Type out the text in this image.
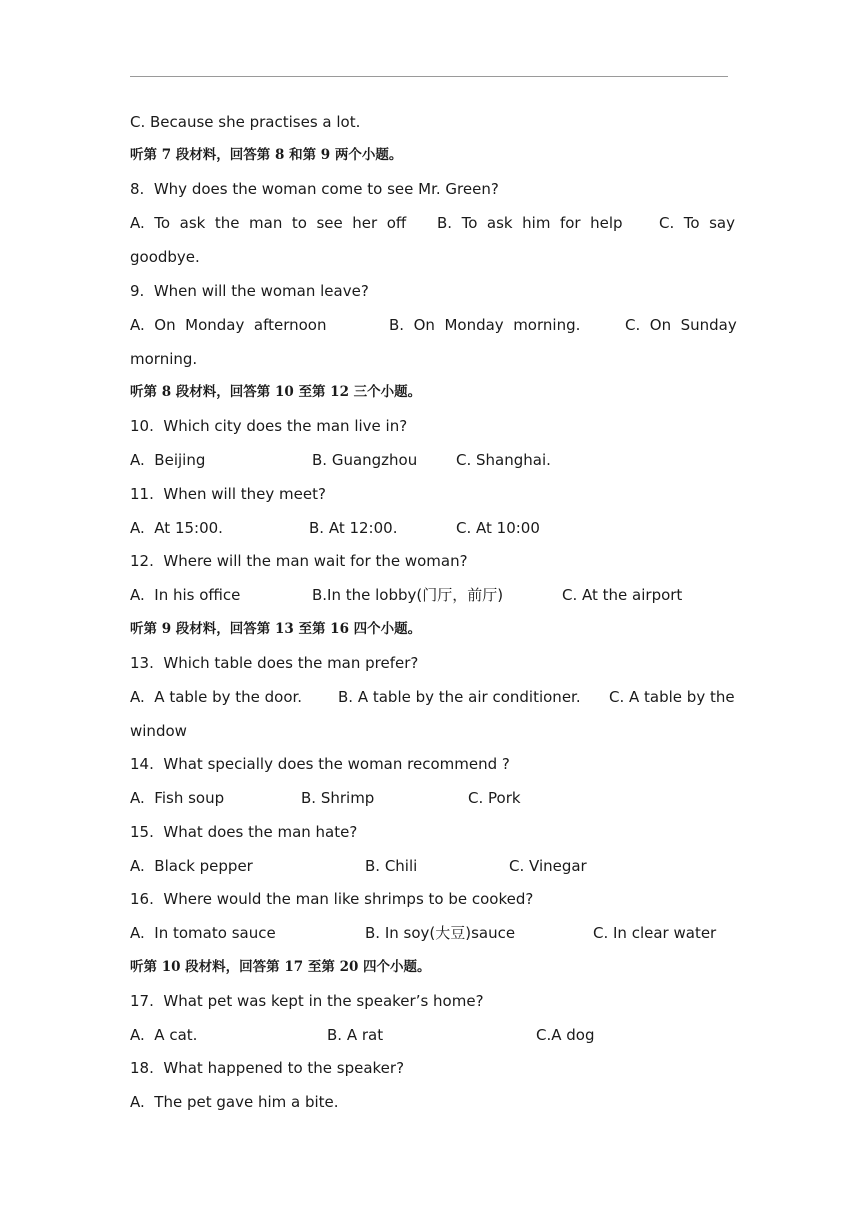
C. Because she practises a lot.
听第 7 段材料，回答第 8 和第 9 两个小题。
8.  Why does the woman come to see Mr. Green?
A.  To  ask  the  man  to  see  her  off B.  To  ask  him  for  help C.  To  say
goodbye.
9.  When will the woman leave?
A.  On  Monday  afternoon	B.  On  Monday  morning.	C.  On  Sunday
morning.
听第 8 段材料，回答第 10 至第 12 三个小题。
10.  Which city does the man live in?
A.  Beijing	B. Guangzhou	C. Shanghai.
11.  When will they meet?
A.  At 15:00.	B. At 12:00.	C. At 10:00
12.  Where will the man wait for the woman?
A.  In his office	B.In the lobby(门厅，前厅)	C. At the airport
听第 9 段材料，回答第 13 至第 16 四个小题。
13.  Which table does the man prefer?
A.  A table by the door. B. A table by the air conditioner. C. A table by the
window
14.  What specially does the woman recommend ?
A.  Fish soup	B. Shrimp	C. Pork
15.  What does the man hate?
A.  Black pepper	B. Chili	C. Vinegar
16.  Where would the man like shrimps to be cooked?
A.  In tomato sauce	B. In soy(大豆)sauce	C. In clear water
听第 10 段材料，回答第 17 至第 20 四个小题。
17.  What pet was kept in the speaker’s home?
A.  A cat.	B. A rat	C.A dog
18.  What happened to the speaker?
A.  The pet gave him a bite.
